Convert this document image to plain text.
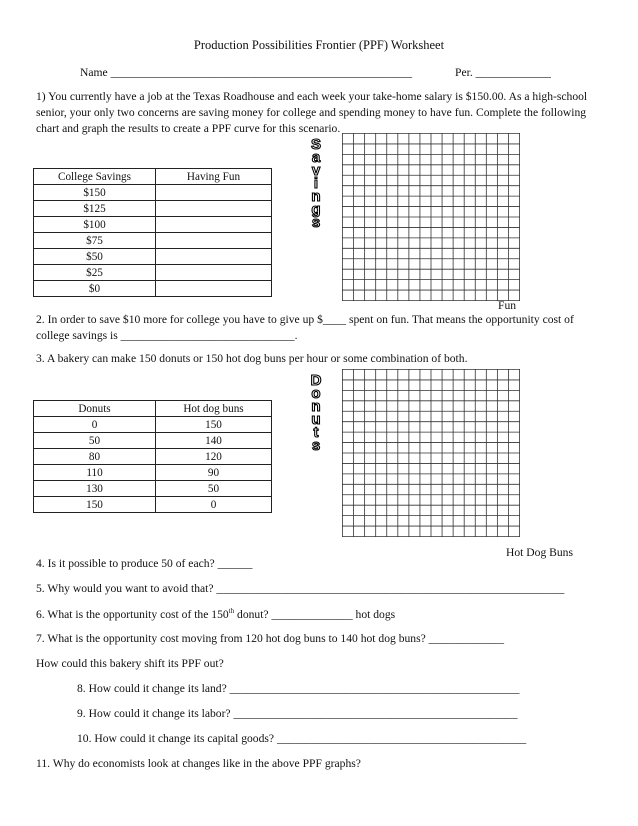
Production Possibilities Frontier (PPF) Worksheet
Name ____________________________________________________	Per. _____________
1) You currently have a job at the Texas Roadhouse and each week your take-home salary is $150.00. As a high-school senior, your only two concerns are saving money for college and spending money to have fun. Complete the following chart and graph the results to create a PPF curve for this scenario.
S
a
v
i
n
g
s
Fun
College Savings	Having Fun
$150	
$125	
$100	
$75	
$50	
$25	
$0	
2. In order to save $10 more for college you have to give up $____ spent on fun. That means the opportunity cost of college savings is ______________________________.
3. A bakery can make 150 donuts or 150 hot dog buns per hour or some combination of both.
D
o
n
u
t
s
Hot Dog Buns
Donuts	Hot dog buns
0	150
50	140
80	120
110	90
130	50
150	0
4. Is it possible to produce 50 of each? ______
5. Why would you want to avoid that? ____________________________________________________________
6. What is the opportunity cost of the 150th donut? ______________ hot dogs
7. What is the opportunity cost moving from 120 hot dog buns to 140 hot dog buns? _____________
How could this bakery shift its PPF out?
8. How could it change its land? __________________________________________________
9. How could it change its labor? _________________________________________________
10. How could it change its capital goods? ___________________________________________
11. Why do economists look at changes like in the above PPF graphs?
